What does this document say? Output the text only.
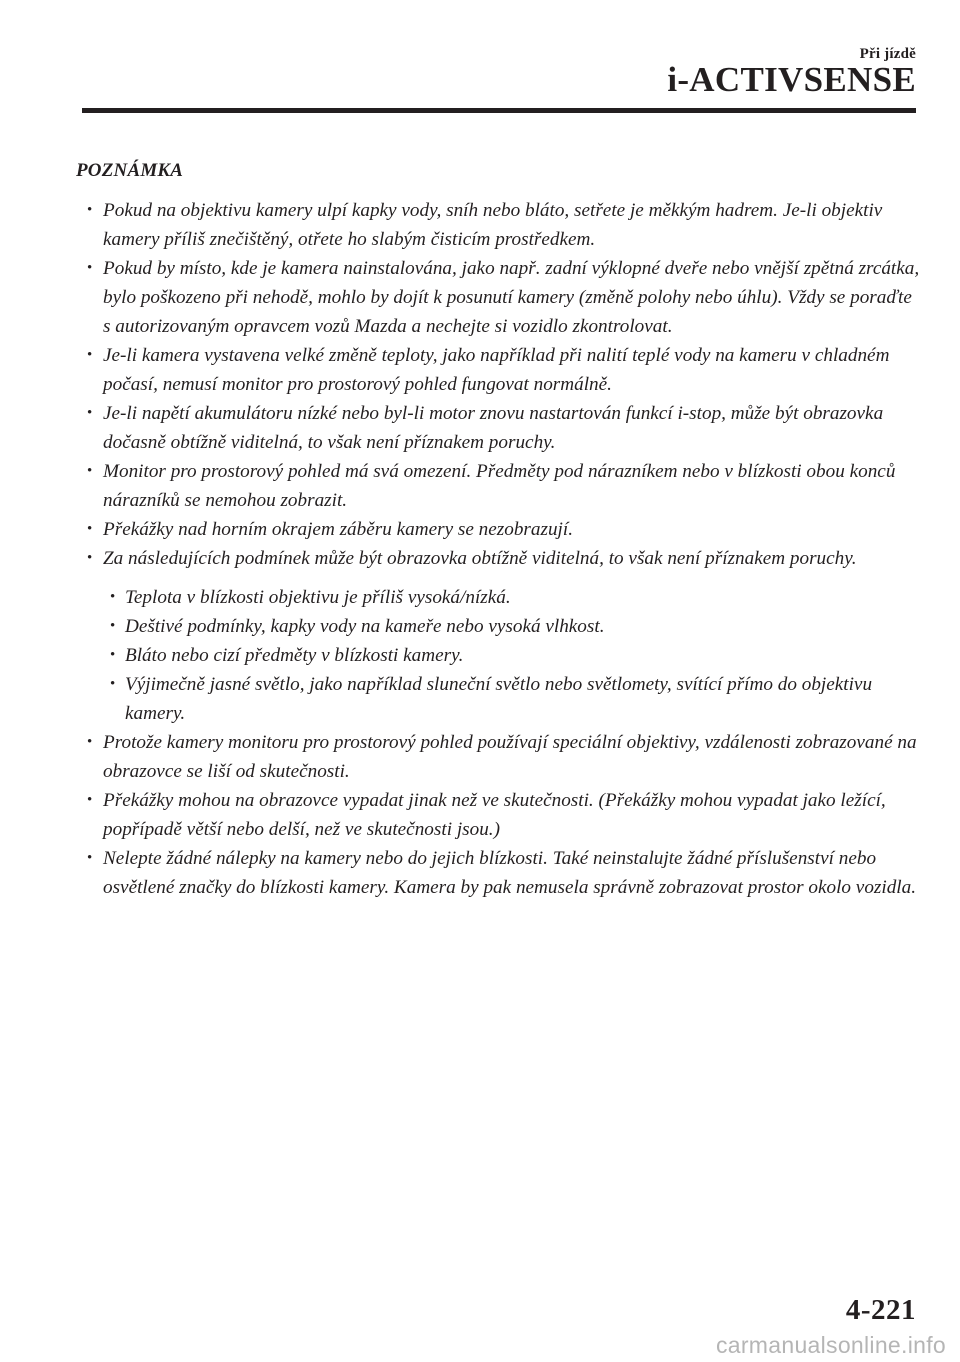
Při jízdě
i-ACTIVSENSE
POZNÁMKA
• Pokud na objektivu kamery ulpí kapky vody, sníh nebo bláto, setřete je měkkým hadrem. Je-li objektiv kamery příliš znečištěný, otřete ho slabým čisticím prostředkem.
• Pokud by místo, kde je kamera nainstalována, jako např. zadní výklopné dveře nebo vnější zpětná zrcátka, bylo poškozeno při nehodě, mohlo by dojít k posunutí kamery (změně polohy nebo úhlu). Vždy se poraďte s autorizovaným opravcem vozů Mazda a nechejte si vozidlo zkontrolovat.
• Je-li kamera vystavena velké změně teploty, jako například při nalití teplé vody na kameru v chladném počasí, nemusí monitor pro prostorový pohled fungovat normálně.
• Je-li napětí akumulátoru nízké nebo byl-li motor znovu nastartován funkcí i-stop, může být obrazovka dočasně obtížně viditelná, to však není příznakem poruchy.
• Monitor pro prostorový pohled má svá omezení. Předměty pod nárazníkem nebo v blízkosti obou konců nárazníků se nemohou zobrazit.
• Překážky nad horním okrajem záběru kamery se nezobrazují.
• Za následujících podmínek může být obrazovka obtížně viditelná, to však není příznakem poruchy.
• Teplota v blízkosti objektivu je příliš vysoká/nízká.
• Deštivé podmínky, kapky vody na kameře nebo vysoká vlhkost.
• Bláto nebo cizí předměty v blízkosti kamery.
• Výjimečně jasné světlo, jako například sluneční světlo nebo světlomety, svítící přímo do objektivu kamery.
• Protože kamery monitoru pro prostorový pohled používají speciální objektivy, vzdálenosti zobrazované na obrazovce se liší od skutečnosti.
• Překážky mohou na obrazovce vypadat jinak než ve skutečnosti. (Překážky mohou vypadat jako ležící, popřípadě větší nebo delší, než ve skutečnosti jsou.)
• Nelepte žádné nálepky na kamery nebo do jejich blízkosti. Také neinstalujte žádné příslušenství nebo osvětlené značky do blízkosti kamery. Kamera by pak nemusela správně zobrazovat prostor okolo vozidla.
4-221
carmanualsonline.info
